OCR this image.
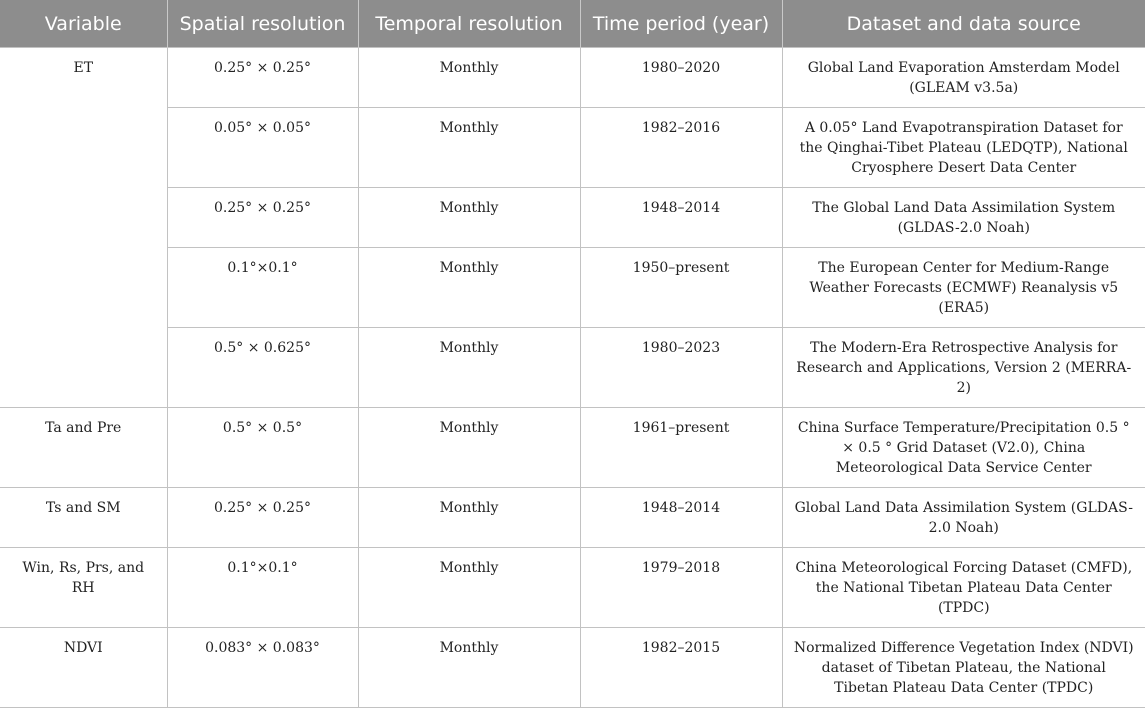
Variable	Spatial resolution	Temporal resolution	Time period (year)	Dataset and data source
ET	0.25° × 0.25°	Monthly	1980–2020	Global Land Evaporation Amsterdam Model (GLEAM v3.5a)
	0.05° × 0.05°	Monthly	1982–2016	A 0.05° Land Evapotranspiration Dataset for the Qinghai-Tibet Plateau (LEDQTP), National Cryosphere Desert Data Center
	0.25° × 0.25°	Monthly	1948–2014	The Global Land Data Assimilation System (GLDAS-2.0 Noah)
	0.1°×0.1°	Monthly	1950–present	The European Center for Medium-Range Weather Forecasts (ECMWF) Reanalysis v5 (ERA5)
	0.5° × 0.625°	Monthly	1980–2023	The Modern-Era Retrospective Analysis for Research and Applications, Version 2 (MERRA-2)
Ta and Pre	0.5° × 0.5°	Monthly	1961–present	China Surface Temperature/Precipitation 0.5 ° × 0.5 ° Grid Dataset (V2.0), China Meteorological Data Service Center
Ts and SM	0.25° × 0.25°	Monthly	1948–2014	Global Land Data Assimilation System (GLDAS-2.0 Noah)
Win, Rs, Prs, and RH	0.1°×0.1°	Monthly	1979–2018	China Meteorological Forcing Dataset (CMFD), the National Tibetan Plateau Data Center (TPDC)
NDVI	0.083° × 0.083°	Monthly	1982–2015	Normalized Difference Vegetation Index (NDVI) dataset of Tibetan Plateau, the National Tibetan Plateau Data Center (TPDC)
